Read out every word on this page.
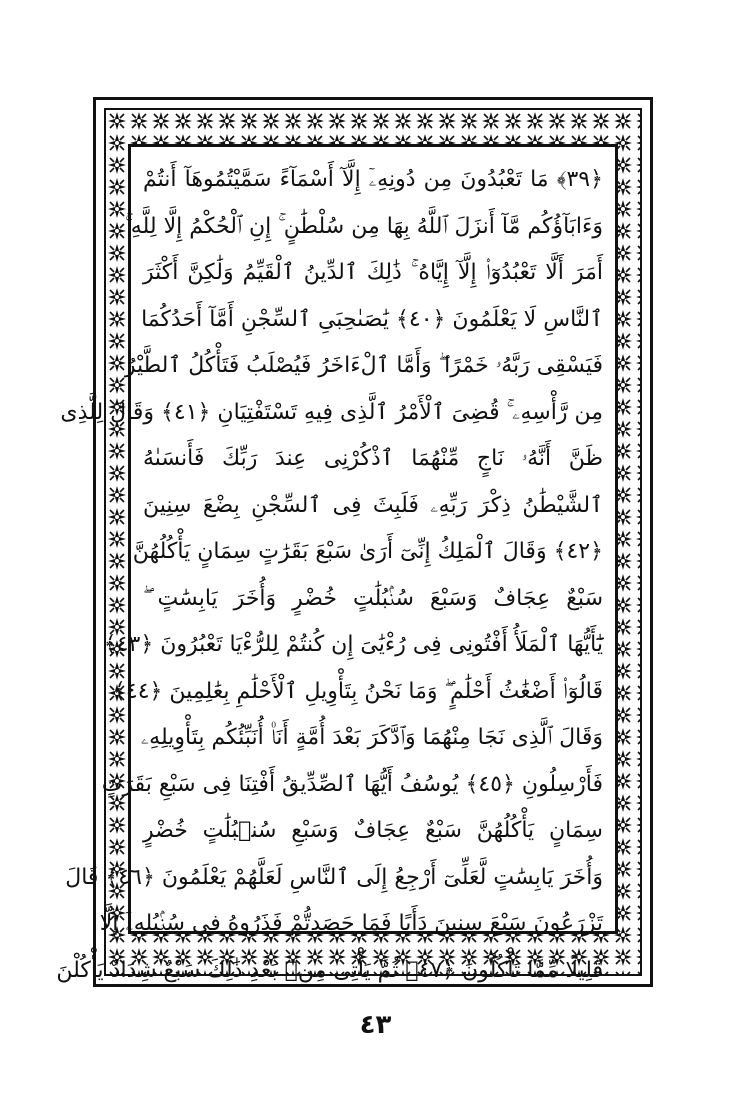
﴿٣٩﴾ مَا تَعْبُدُونَ مِن دُونِهِۦٓ إِلَّآ أَسْمَآءً سَمَّيْتُمُوهَآ أَنتُمْ
وَءَابَآؤُكُم مَّآ أَنزَلَ ٱللَّهُ بِهَا مِن سُلْطَٰنٍ ۚ إِنِ ٱلْحُكْمُ إِلَّا لِلَّهِ ۚ
أَمَرَ أَلَّا تَعْبُدُوٓا۟ إِلَّآ إِيَّاهُ ۚ ذَٰلِكَ ٱلدِّينُ ٱلْقَيِّمُ وَلَٰكِنَّ أَكْثَرَ
ٱلنَّاسِ لَا يَعْلَمُونَ ﴿٤٠﴾ يَٰصَىٰحِبَىِ ٱلسِّجْنِ أَمَّآ أَحَدُكُمَا
فَيَسْقِى رَبَّهُۥ خَمْرًا ۖ وَأَمَّا ٱلْءَاخَرُ فَيُصْلَبُ فَتَأْكُلُ ٱلطَّيْرُ
مِن رَّأْسِهِۦ ۚ قُضِىَ ٱلْأَمْرُ ٱلَّذِى فِيهِ تَسْتَفْتِيَانِ ﴿٤١﴾ وَقَالَ لِلَّذِى
ظَنَّ أَنَّهُۥ نَاجٍ مِّنْهُمَا ٱذْكُرْنِى عِندَ رَبِّكَ فَأَنسَىٰهُ
ٱلشَّيْطَٰنُ ذِكْرَ رَبِّهِۦ فَلَبِثَ فِى ٱلسِّجْنِ بِضْعَ سِنِينَ
﴿٤٢﴾ وَقَالَ ٱلْمَلِكُ إِنِّىٓ أَرَىٰ سَبْعَ بَقَرَٰتٍ سِمَانٍ يَأْكُلُهُنَّ
سَبْعٌ عِجَافٌ وَسَبْعَ سُنۢبُلَٰتٍ خُضْرٍ وَأُخَرَ يَابِسَٰتٍ ۖ
يَٰٓأَيُّهَا ٱلْمَلَأُ أَفْتُونِى فِى رُءْيَٰىَ إِن كُنتُمْ لِلرُّءْيَا تَعْبُرُونَ ﴿٤٣﴾
قَالُوٓا۟ أَضْغَٰثُ أَحْلَٰمٍ ۖ وَمَا نَحْنُ بِتَأْوِيلِ ٱلْأَحْلَٰمِ بِعَٰلِمِينَ ﴿٤٤﴾
وَقَالَ ٱلَّذِى نَجَا مِنْهُمَا وَٱدَّكَرَ بَعْدَ أُمَّةٍ أَنَا۠ أُنَبِّئُكُم بِتَأْوِيلِهِۦ
فَأَرْسِلُونِ ﴿٤٥﴾ يُوسُفُ أَيُّهَا ٱلصِّدِّيقُ أَفْتِنَا فِى سَبْعِ بَقَرَٰتٍ
سِمَانٍ يَأْكُلُهُنَّ سَبْعٌ عِجَافٌ وَسَبْعِ سُنۢبُلَٰتٍ خُضْرٍ
وَأُخَرَ يَابِسَٰتٍ لَّعَلِّىٓ أَرْجِعُ إِلَى ٱلنَّاسِ لَعَلَّهُمْ يَعْلَمُونَ ﴿٤٦﴾ قَالَ
تَزْرَعُونَ سَبْعَ سِنِينَ دَأَبًا فَمَا حَصَدتُّمْ فَذَرُوهُ فِى سُنۢبُلِهِۦٓ إِلَّا
قَلِيلًا مِّمَّا تَأْكُلُونَ ﴿٤٧﴾ ثُمَّ يَأْتِى مِنۢ بَعْدِ ذَٰلِكَ سَبْعٌ شِدَادٌ يَأْكُلْنَ
٤٣
